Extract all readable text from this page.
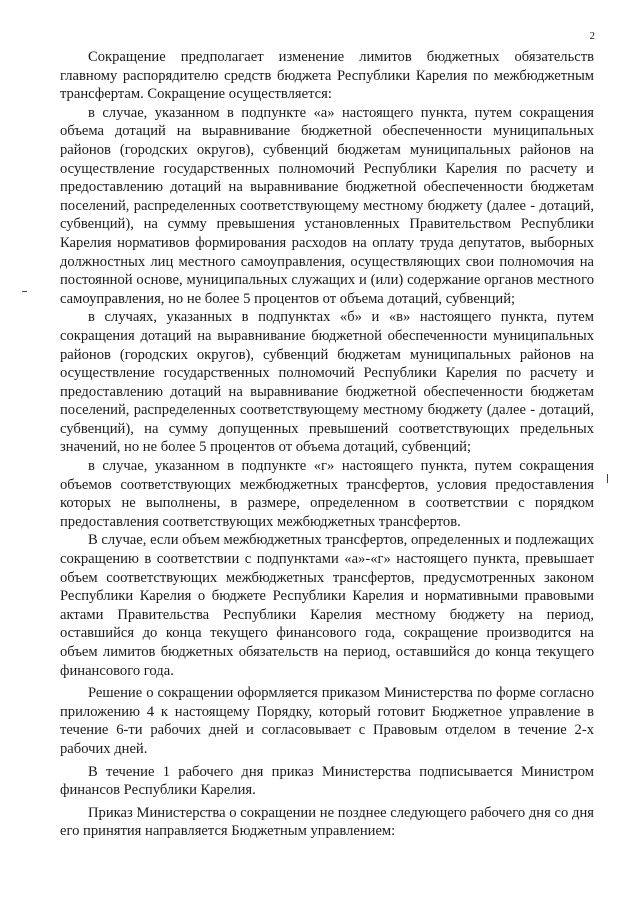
2

Сокращение предполагает изменение лимитов бюджетных обязательств главному распорядителю средств бюджета Республики Карелия по межбюджетным трансфертам. Сокращение осуществляется:

в случае, указанном в подпункте «а» настоящего пункта, путем сокращения объема дотаций на выравнивание бюджетной обеспеченности муниципальных районов (городских округов), субвенций бюджетам муниципальных районов на осуществление государственных полномочий Республики Карелия по расчету и предоставлению дотаций на выравнивание бюджетной обеспеченности бюджетам поселений, распределенных соответствующему местному бюджету (далее - дотаций, субвенций), на сумму превышения установленных Правительством Республики Карелия нормативов формирования расходов на оплату труда депутатов, выборных должностных лиц местного самоуправления, осуществляющих свои полномочия на постоянной основе, муниципальных служащих и (или) содержание органов местного самоуправления, но не более 5 процентов от объема дотаций, субвенций;

в случаях, указанных в подпунктах «б» и «в» настоящего пункта, путем сокращения дотаций на выравнивание бюджетной обеспеченности муниципальных районов (городских округов), субвенций бюджетам муниципальных районов на осуществление государственных полномочий Республики Карелия по расчету и предоставлению дотаций на выравнивание бюджетной обеспеченности бюджетам поселений, распределенных соответствующему местному бюджету (далее - дотаций, субвенций), на сумму допущенных превышений соответствующих предельных значений, но не более 5 процентов от объема дотаций, субвенций;

в случае, указанном в подпункте «г» настоящего пункта, путем сокращения объемов соответствующих межбюджетных трансфертов, условия предоставления которых не выполнены, в размере, определенном в соответствии с порядком предоставления соответствующих межбюджетных трансфертов.

В случае, если объем межбюджетных трансфертов, определенных и подлежащих сокращению в соответствии с подпунктами «а»-«г» настоящего пункта, превышает объем соответствующих межбюджетных трансфертов, предусмотренных законом Республики Карелия о бюджете Республики Карелия и нормативными правовыми актами Правительства Республики Карелия местному бюджету на период, оставшийся до конца текущего финансового года, сокращение производится на объем лимитов бюджетных обязательств на период, оставшийся до конца текущего финансового года.

Решение о сокращении оформляется приказом Министерства по форме согласно приложению 4 к настоящему Порядку, который готовит Бюджетное управление в течение 6-ти рабочих дней и согласовывает с Правовым отделом в течение 2-х рабочих дней.

В течение 1 рабочего дня приказ Министерства подписывается Министром финансов Республики Карелия.

Приказ Министерства о сокращении не позднее следующего рабочего дня со дня его принятия направляется Бюджетным управлением:
